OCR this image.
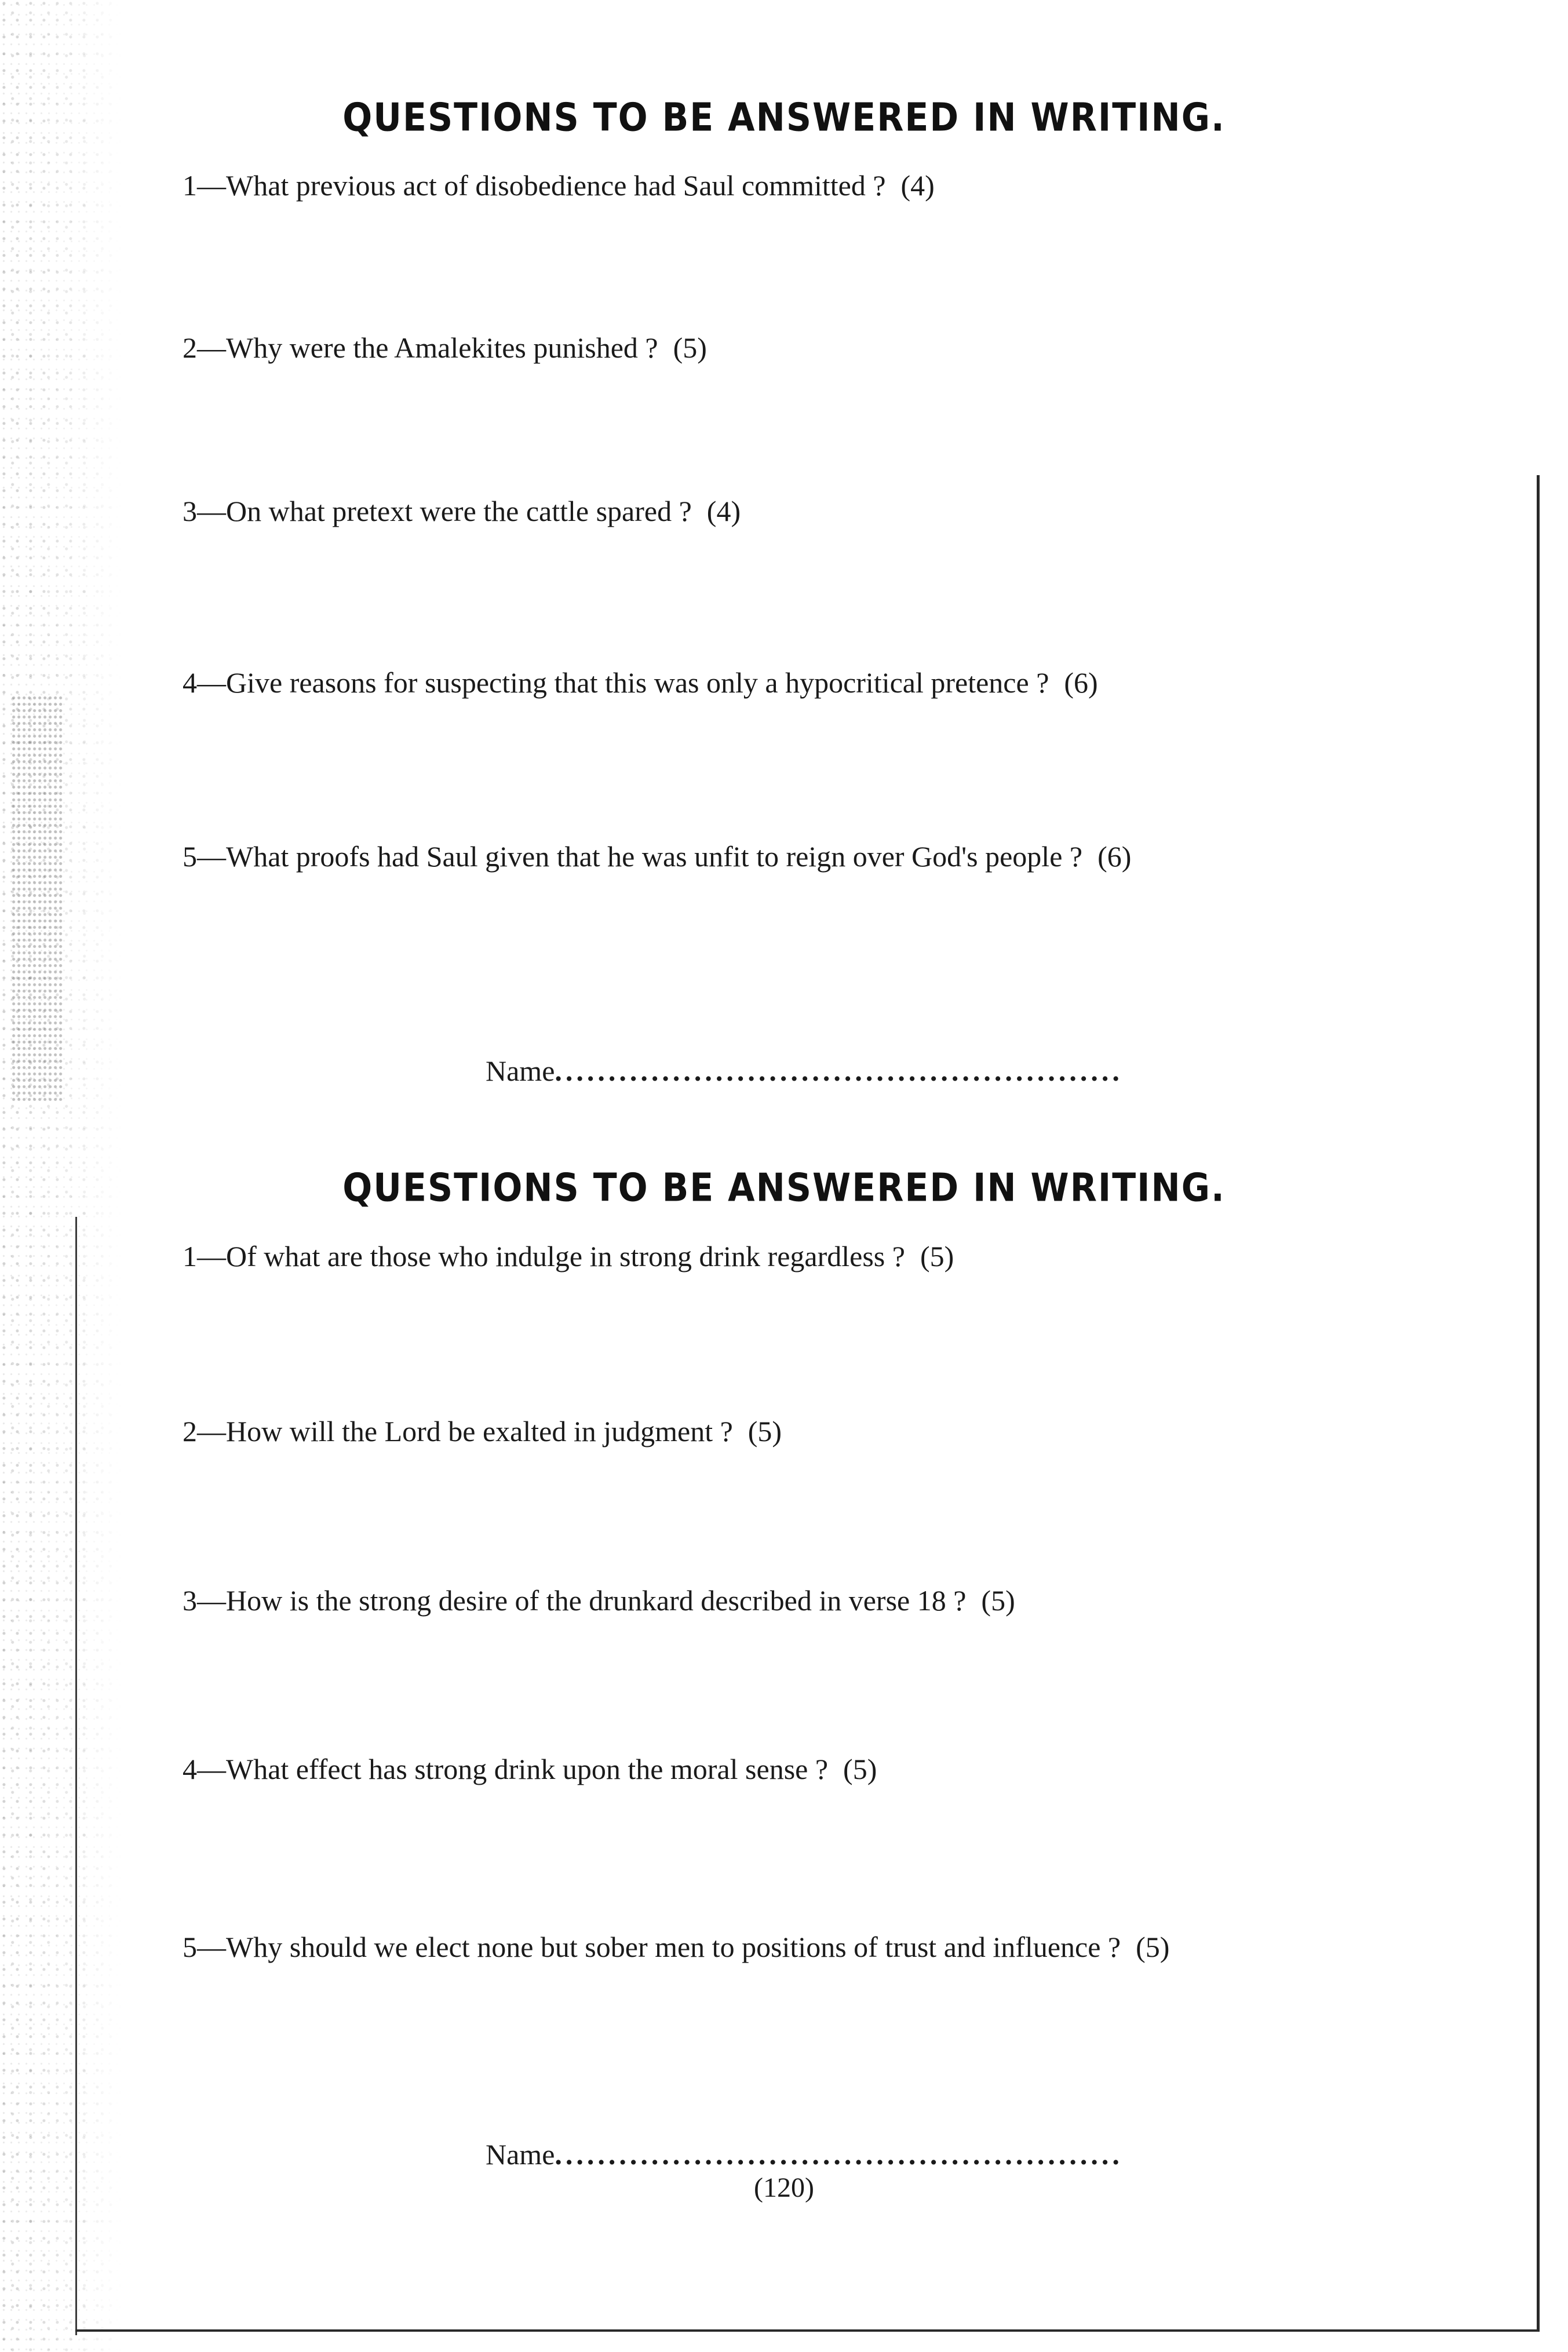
QUESTIONS TO BE ANSWERED IN WRITING.

1—What previous act of disobedience had Saul committed ? (4)

2—Why were the Amalekites punished ? (5)

3—On what pretext were the cattle spared ? (4)

4—Give reasons for suspecting that this was only a hypocritical pretence ? (6)

5—What proofs had Saul given that he was unfit to reign over God's people ? (6)

Name.....................................................

QUESTIONS TO BE ANSWERED IN WRITING.

1—Of what are those who indulge in strong drink regardless ? (5)

2—How will the Lord be exalted in judgment ? (5)

3—How is the strong desire of the drunkard described in verse 18 ? (5)

4—What effect has strong drink upon the moral sense ? (5)

5—Why should we elect none but sober men to positions of trust and influence ? (5)

Name.....................................................

(120)
